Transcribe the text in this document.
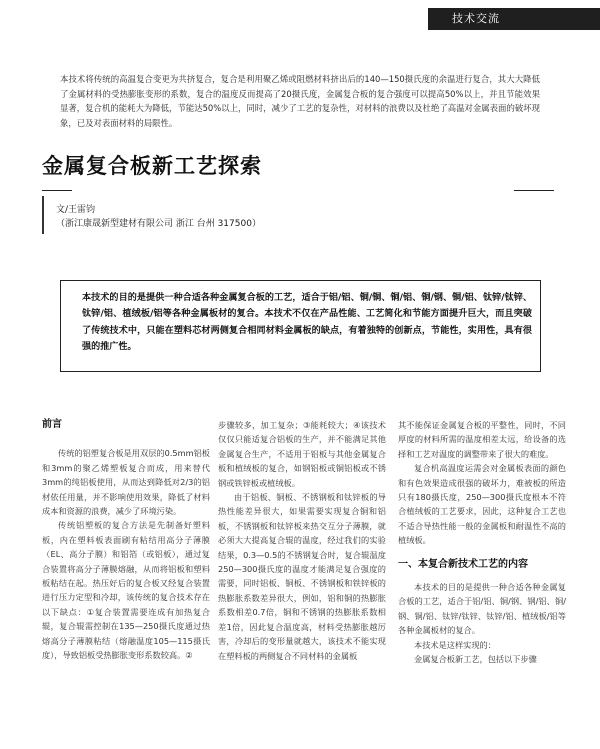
技术交流
本技术将传统的高温复合变更为共挤复合，复合是利用聚乙烯或阻燃材料挤出后的140—150摄氏度的余温进行复合，其大大降低了金属材料的受热膨胀变形的系数，复合的温度反而提高了20摄氏度，金属复合板的复合强度可以提高50%以上，并且节能效果显著，复合机的能耗大为降低，节能达50%以上，同时，减少了工艺的复杂性，对材料的浪费以及杜绝了高温对金属表面的破坏现象，已及对表面材料的局限性。
金属复合板新工艺探索
文/王雷钧
（浙江康晟新型建材有限公司 浙江 台州 317500）
本技术的目的是提供一种合适各种金属复合板的工艺，适合于铝/铝、铜/铜、铜/铝、铜/钢、铜/铝、钛锌/钛锌、钛锌/铝、植绒板/铝等各种金属板材的复合。本技术不仅在产品性能、工艺简化和节能方面提升巨大，而且突破了传统技术中，只能在塑料芯材两侧复合相同材料金属板的缺点，有着独特的创新点，节能性，实用性，具有很强的推广性。
前言

传统的铝塑复合板是用双层的0.5mm铝板和3mm的聚乙烯塑板复合而成，用来替代3mm的纯铝板使用，从而达到降低对2/3的铝材依任用量，并不影响使用效果，降低了材料成本和资源的浪费，减少了环境污染。

传统铝塑板的复合方法是先制备好塑料板，内在塑料板表面刷有粘结用高分子薄膜（EL、高分子膜）和铝箔（或铝板），通过复合装置将高分子薄膜熔融，从而将铝板和塑料板粘结在起。热压好后的复合板又经复合装置进行压力定型和冷却，该传统的复合技术存在以下缺点：①复合装置需要连成有加热复合辊，复合辊需控制在135—250摄氏度通过热熔高分子薄膜粘结（熔融温度105—115摄氏度），导致铝板受热膨胀变形系数较高。②

步骤较多，加工复杂；③能耗较大；④该技术仅仅只能适复合铝板的生产，并不能满足其他金属复合生产，不适用于铝板与其他金属复合板和植绒板的复合，如钢铝板或铜铝板或不锈钢或铁锌板或植绒板。

由于铝板、铜板、不锈钢板和钛锌板的导热性能差异很大，如果需要实现复合铜和铝板，不锈钢板和钛锌板来热交互分子薄膜，就必须大大提高复合辊的温度，经过我们的实验结果，0.3—0.5的不锈钢复合时，复合辊温度250—300摄氏度的温度才能满足复合强度的需要，同时铝板、铜板、不锈钢板和铁锌板的热膨胀系数差异很大，例如，铝和铜的热膨胀系数相差0.7倍，铜和不锈钢的热膨胀系数相差1倍，因此复合温度高，材料受热膨胀越厉害，冷却后的变形量就越大，该技术不能实现在塑料板的两侧复合不同材料的金属板

其不能保证金属复合板的平整性，同时，不同厚度的材料所需的温度相差太远，给设备的选择和工艺对温度的调整带来了很大的难度。

复合机高温度运需会对金属板表面的颜色和有色效果造成很强的破坏力，难被板的所造只有180摄氏度，250—300摄氏度根本不符合植绒板的工艺要求，因此，这种复合工艺也不适合导热性能一般的金属板和耐温性不高的植绒板。

一、本复合新技术工艺的内容

本技术的目的是提供一种合适各种金属复合板的工艺，适合于铝/铝、铜/钢、钢/铝、铜/钢、铜/铝、钛锌/钛锌、钛锌/铝、植绒板/铝等各种金属板材的复合。

本技术是这样实现的：

金属复合板新工艺，包括以下步骤
